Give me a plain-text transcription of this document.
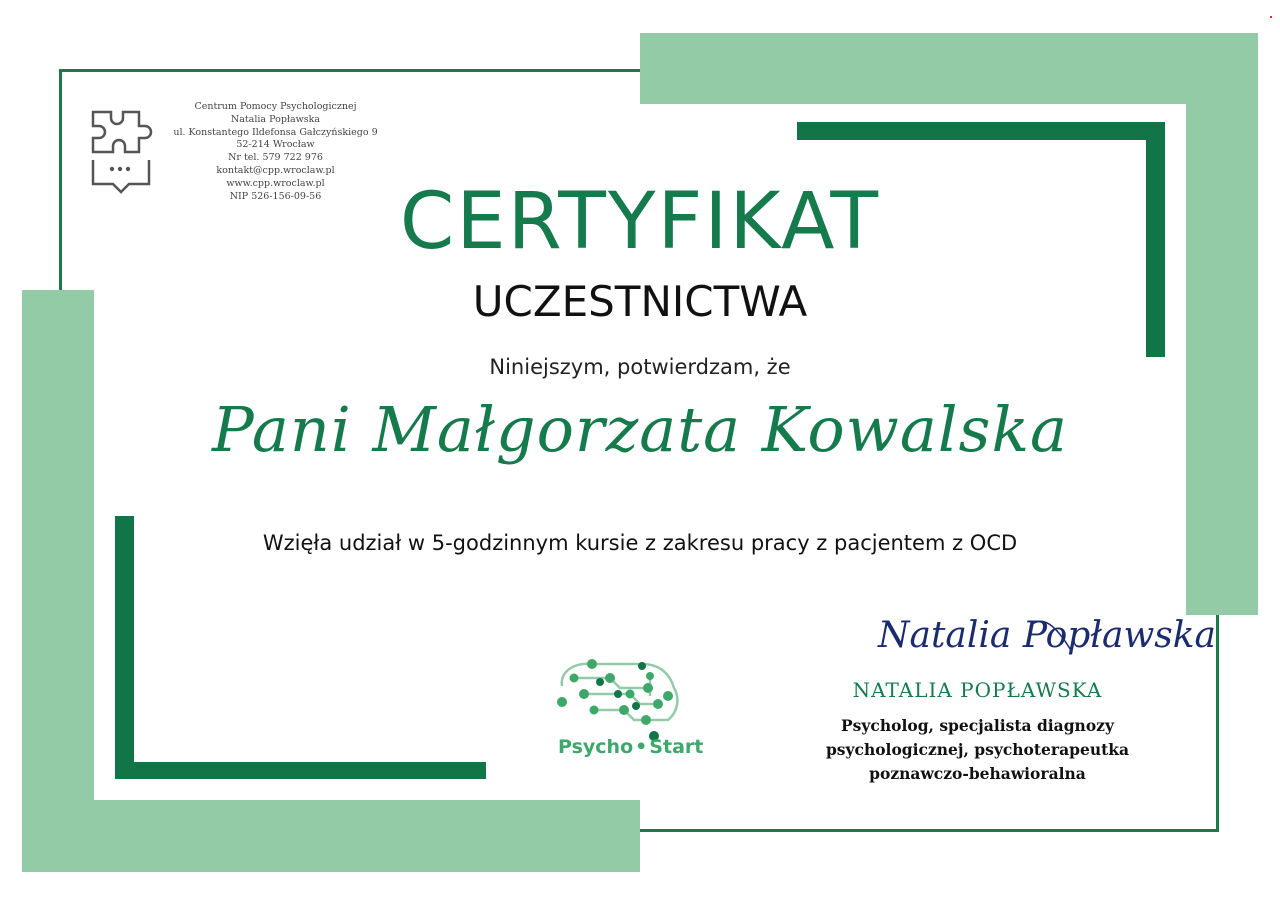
Centrum Pomocy Psychologicznej
Natalia Popławska
ul. Konstantego Ildefonsa Gałczyńskiego 9
52-214 Wrocław
Nr tel. 579 722 976
kontakt@cpp.wroclaw.pl
www.cpp.wroclaw.pl
NIP 526-156-09-56	CERTYFIKAT
UCZESTNICTWA
Niniejszym, potwierdzam, że
Pani Małgorzata Kowalska
Wzięła udział w 5-godzinnym kursie z zakresu pracy z pacjentem z OCD
Psycho • Start
Natalia Popławska
NATALIA POPŁAWSKA
Psycholog, specjalista diagnozy
psychologicznej, psychoterapeutka
poznawczo-behawioralna
